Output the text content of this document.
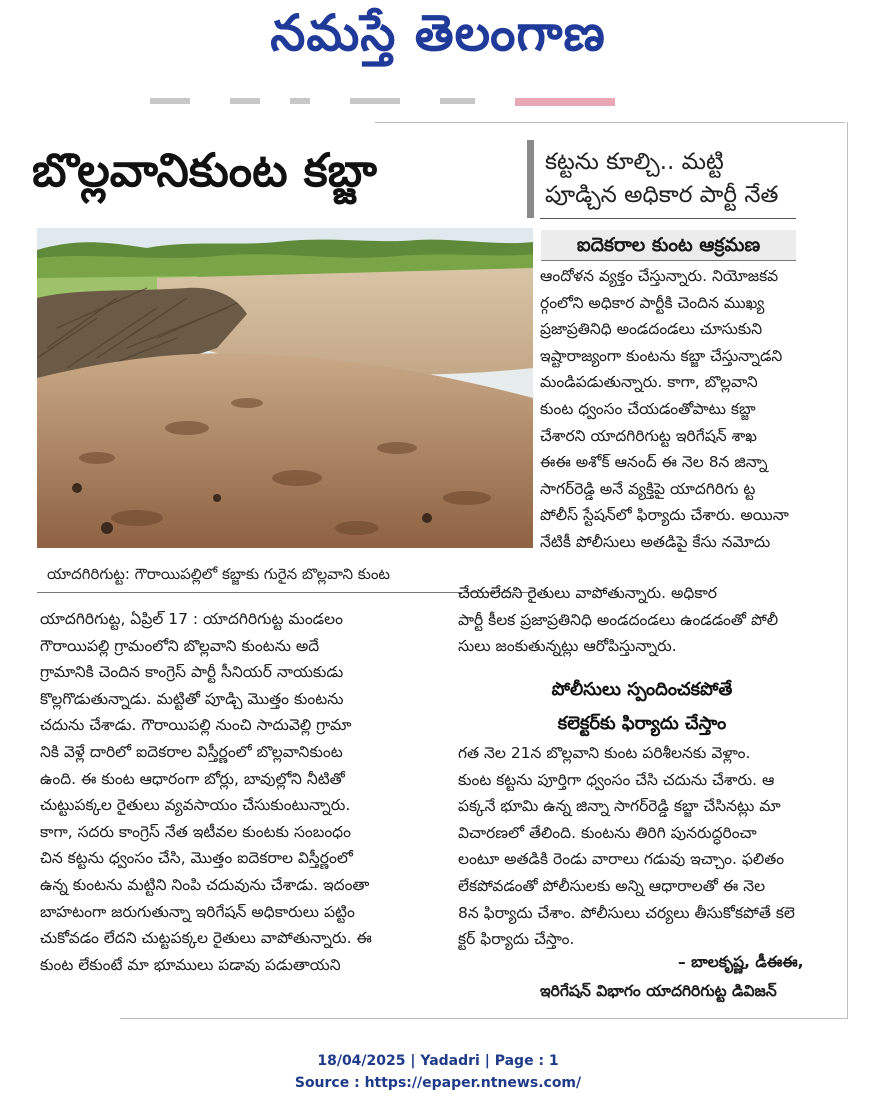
నమస్తే తెలంగాణ
బొల్లవానికుంట కబ్జా	కట్టను కూల్చి.. మట్టి
పూడ్చిన అధికార పార్టీ నేత
ఐదెకరాల కుంట ఆక్రమణ
యాదగిరిగుట్ట: గౌరాయిపల్లిలో కబ్జాకు గురైన బొల్లవాని కుంట

ఆందోళన వ్యక్తం చేస్తున్నారు. నియోజకవ

ర్గంలోని అధికార పార్టీకి చెందిన ముఖ్య

ప్రజాప్రతినిధి అండదండలు చూసుకుని

ఇష్టారాజ్యంగా కుంటను కబ్జా చేస్తున్నాడని

మండిపడుతున్నారు. కాగా, బొల్లవాని

కుంట ధ్వంసం చేయడంతోపాటు కబ్జా

చేశారని యాదగిరిగుట్ట ఇరిగేషన్ శాఖ

ఈఈ అశోక్ ఆనంద్ ఈ నెల 8న జిన్నా

సాగర్‌రెడ్డి అనే వ్యక్తిపై యాదగిరిగు ట్ట

పోలీస్ స్టేషన్‌లో ఫిర్యాదు చేశారు. అయినా

నేటికీ పోలీసులు అతడిపై కేసు నమోదు

చేయలేదని రైతులు వాపోతున్నారు. అధికార

పార్టీ కీలక ప్రజాప్రతినిధి అండదండలు ఉండడంతో పోలీ

సులు జంకుతున్నట్లు ఆరోపిస్తున్నారు.

యాదగిరిగుట్ట, ఏప్రిల్ 17 : యాదగిరిగుట్ట మండలం

గౌరాయిపల్లి గ్రామంలోని బొల్లవాని కుంటను అదే

గ్రామానికి చెందిన కాంగ్రెస్ పార్టీ సీనియర్ నాయకుడు

కొల్లగొడుతున్నాడు. మట్టితో పూడ్చి మొత్తం కుంటను

చదును చేశాడు. గౌరాయిపల్లి నుంచి సాదువెల్లి గ్రామా

నికి వెళ్లే దారిలో ఐదెకరాల విస్తీర్ణంలో బొల్లవానికుంట

ఉంది. ఈ కుంట ఆధారంగా బోర్లు, బావుల్లోని నీటితో

చుట్టుపక్కల రైతులు వ్యవసాయం చేసుకుంటున్నారు.

కాగా, సదరు కాంగ్రెస్ నేత ఇటీవల కుంటకు సంబంధం

చిన కట్టను ధ్వంసం చేసి, మొత్తం ఐదెకరాల విస్తీర్ణంలో

ఉన్న కుంటను మట్టిని నింపి చదువును చేశాడు. ఇదంతా

బాహటంగా జరుగుతున్నా ఇరిగేషన్ అధికారులు పట్టిం

చుకోవడం లేదని చుట్టపక్కల రైతులు వాపోతున్నారు. ఈ

కుంట లేకుంటే మా భూములు పడావు పడుతాయని

పోలీసులు స్పందించకపోతే
కలెక్టర్‌కు ఫిర్యాదు చేస్తాం

గత నెల 21న బొల్లవాని కుంట పరిశీలనకు వెళ్లాం.

కుంట కట్టను పూర్తిగా ధ్వంసం చేసి చదును చేశారు. ఆ

పక్కనే భూమి ఉన్న జిన్నా సాగర్‌రెడ్డి కబ్జా చేసినట్లు మా

విచారణలో తేలింది. కుంటను తిరిగి పునరుద్ధరించా

లంటూ అతడికి రెండు వారాలు గడువు ఇచ్చాం. ఫలితం

లేకపోవడంతో పోలీసులకు అన్ని ఆధారాలతో ఈ నెల

8న ఫిర్యాదు చేశాం. పోలీసులు చర్యలు తీసుకోకపోతే కలె

క్టర్ ఫిర్యాదు చేస్తాం.

– బాలకృష్ణ, డీఈఈ,
ఇరిగేషన్ విభాగం యాదగిరిగుట్ట డివిజన్
18/04/2025 | Yadadri | Page : 1
Source : https://epaper.ntnews.com/
